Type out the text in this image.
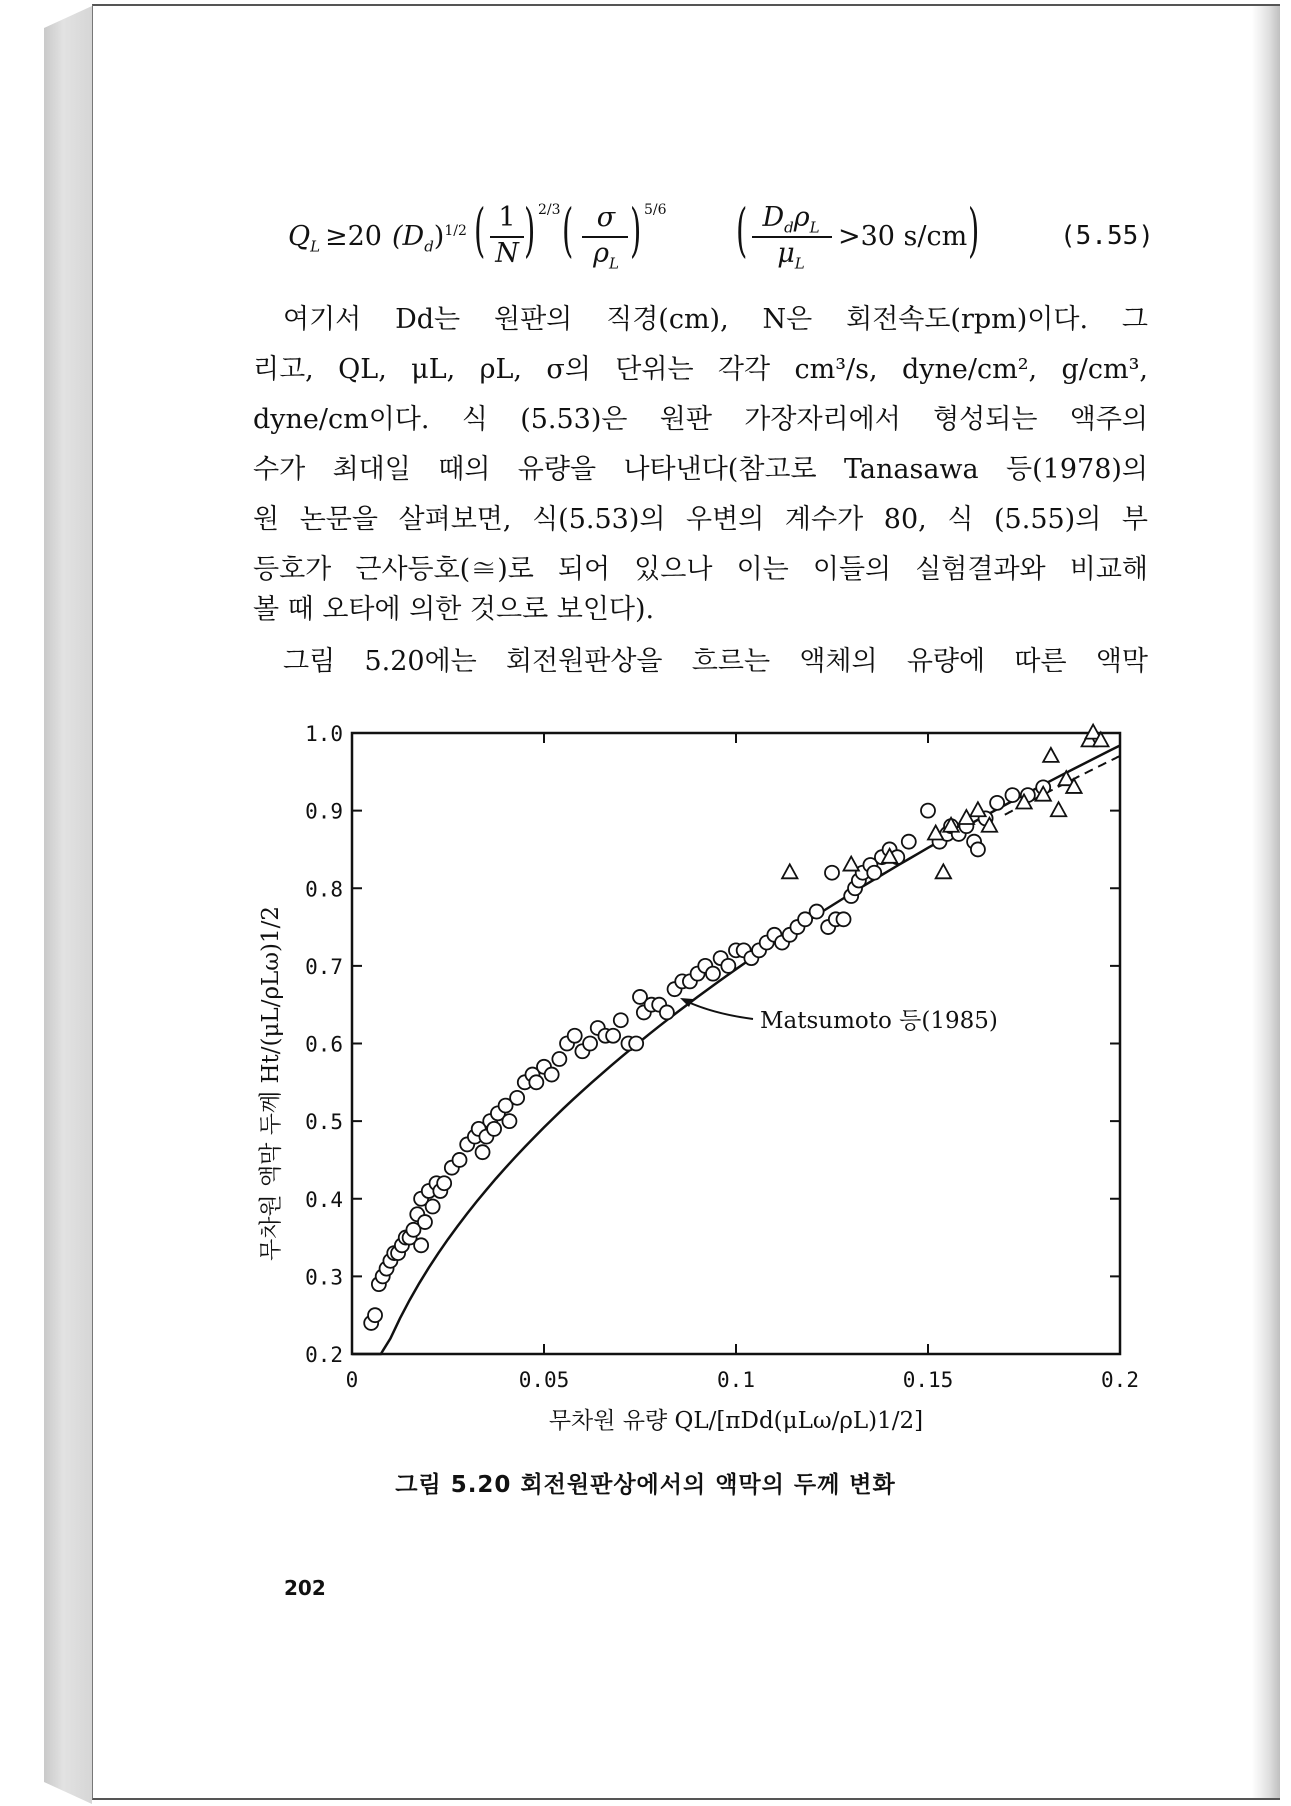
$Q_L \ge 20$ $(D_d)^{1/2}$ ( 1
N ) 2/3 ( σ
$\rho_L$ ) 5/6 ( $D_d\rho_L$
$\mu_L$
>30 s/cm )	(5.55)
여기서 Dd는 원판의 직경(cm), N은 회전속도(rpm)이다. 그
리고, QL, μL, ρL, σ의 단위는 각각 cm³/s, dyne/cm², g/cm³,
dyne/cm이다. 식 (5.53)은 원판 가장자리에서 형성되는 액주의
수가 최대일 때의 유량을 나타낸다(참고로 Tanasawa 등(1978)의
원 논문을 살펴보면, 식(5.53)의 우변의 계수가 80, 식 (5.55)의 부
등호가 근사등호(≅)로 되어 있으나 이는 이들의 실험결과와 비교해
볼 때 오타에 의한 것으로 보인다).
그림 5.20에는 회전원판상을 흐르는 액체의 유량에 따른 액막
0	0.05	0.1	0.15	0.2
0.2
0.3
0.4
0.5
0.6
0.7
0.8
0.9
1.0
Matsumoto 등(1985)
무차원 유량 QL/[πDd(μLω/ρL)1/2]
무차원 액막 두께 Ht/(μL/ρLω)1/2
그림 5.20 회전원판상에서의 액막의 두께 변화
202
